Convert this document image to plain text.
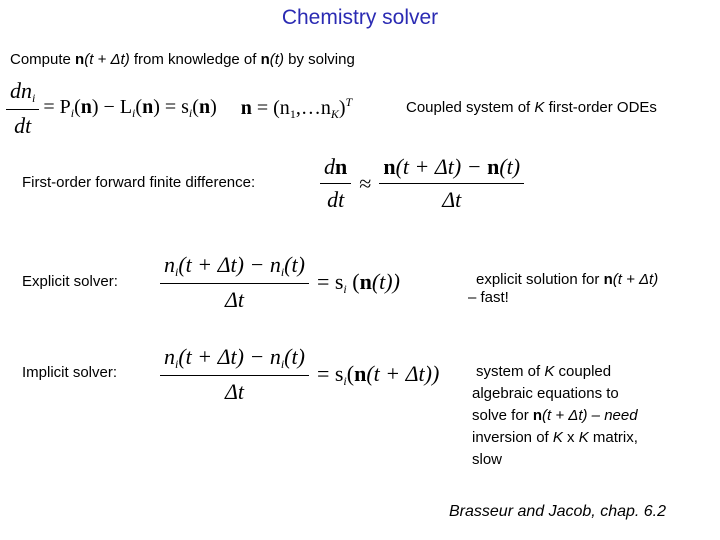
Chemistry solver
Compute n(t + Δt) from knowledge of n(t) by solving
$\frac{dn_i}{dt} = P_i(n) - L_i(n) = s_i(n) n$ = $(n_1,\dots n_K)^T$	Coupled system of K first-order ODEs
First-order forward finite difference:	$\frac{dn}{dt} \approx \frac{n(t + \Delta t) - n(t)}{\Delta t}$
Explicit solver: $\frac{n_i(t + \Delta t) - n_i(t)}{\Delta t} = s_i$ (n(t))	explicit solution for n(t + Δt)
– fast!
Implicit solver: $\frac{n_i(t + \Delta t) - n_i(t)}{\Delta t} = s_i(n(t + \Delta t))$ system of K coupled
algebraic equations to
solve for n(t + Δt) – need
inversion of K x K matrix,
slow
Brasseur and Jacob, chap. 6.2
